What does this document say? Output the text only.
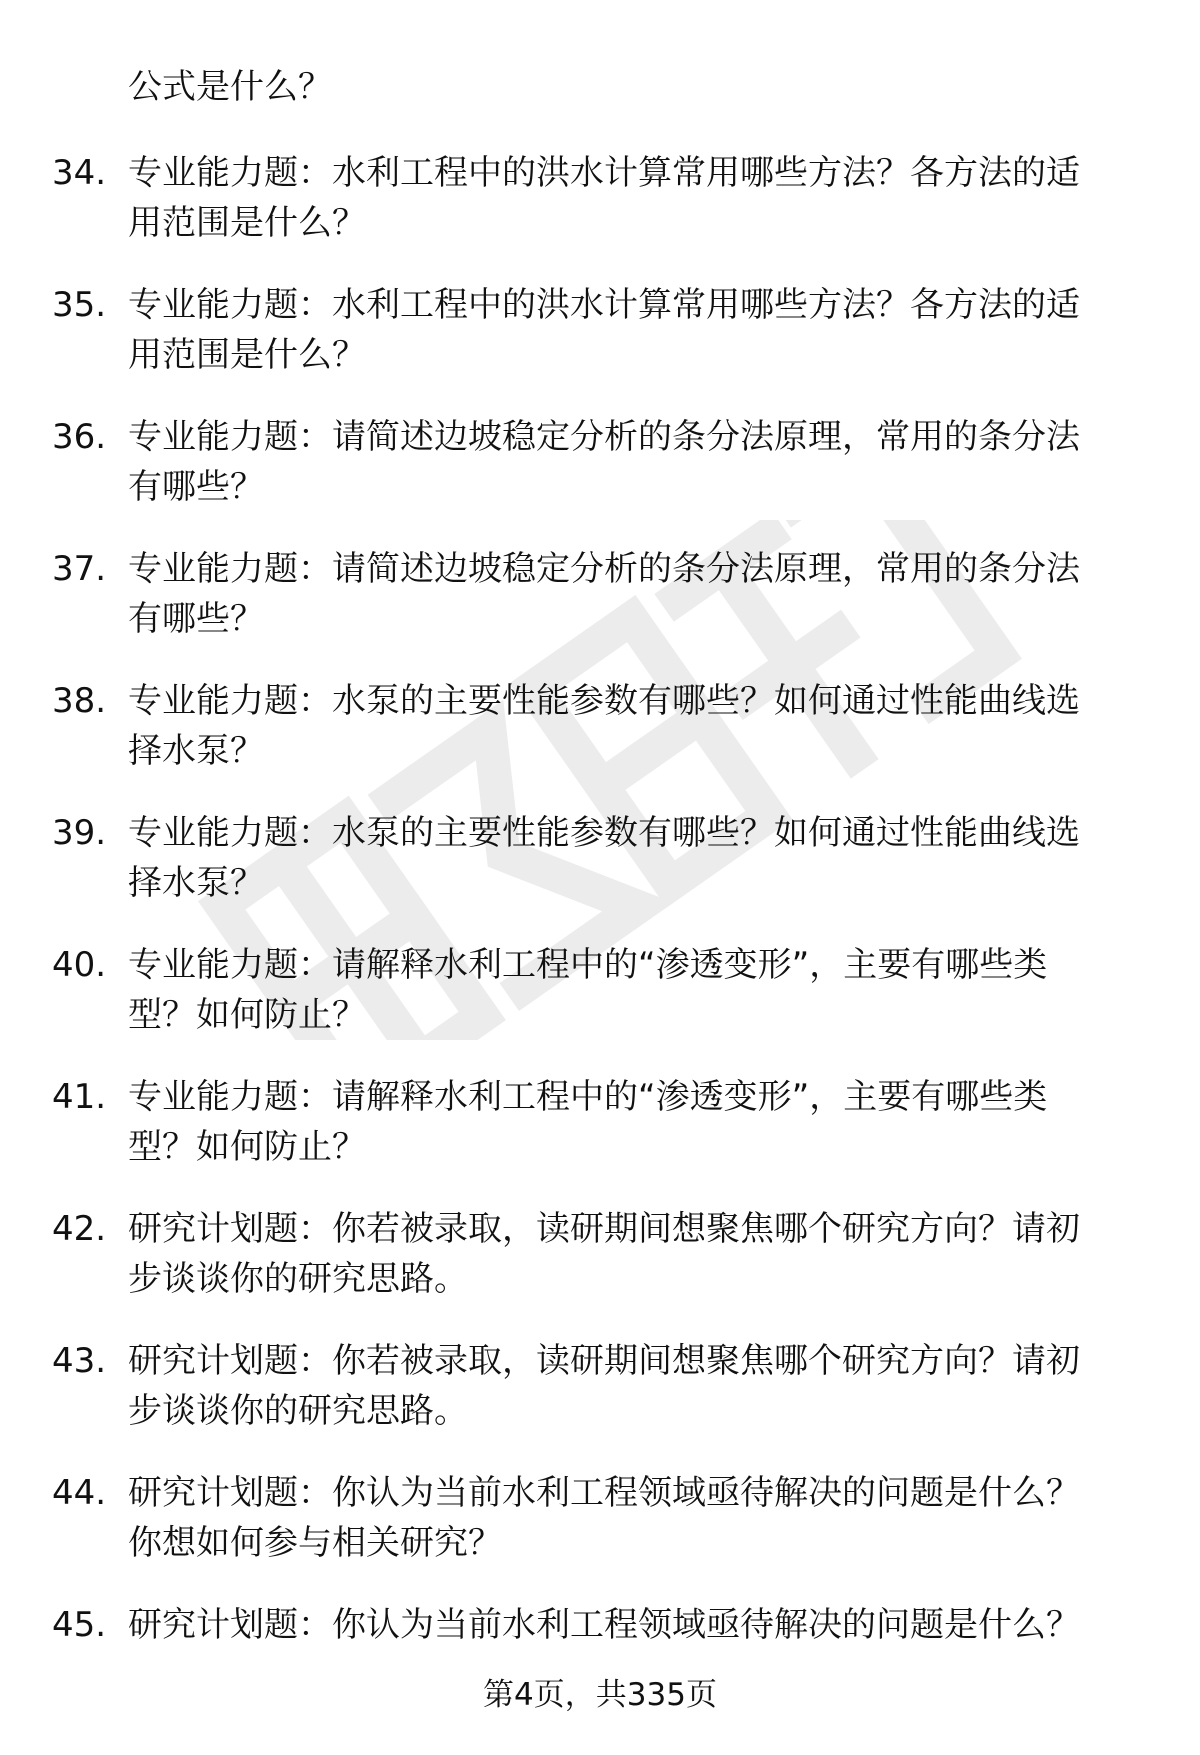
公式是什么？
34. 专业能力题：水利工程中的洪水计算常用哪些方法？各方法的适
用范围是什么？
35. 专业能力题：水利工程中的洪水计算常用哪些方法？各方法的适
用范围是什么？
36. 专业能力题：请简述边坡稳定分析的条分法原理，常用的条分法
有哪些？
37. 专业能力题：请简述边坡稳定分析的条分法原理，常用的条分法
有哪些？
38. 专业能力题：水泵的主要性能参数有哪些？如何通过性能曲线选
择水泵？
39. 专业能力题：水泵的主要性能参数有哪些？如何通过性能曲线选
择水泵？
40. 专业能力题：请解释水利工程中的“渗透变形”，主要有哪些类
型？如何防止？
41. 专业能力题：请解释水利工程中的“渗透变形”，主要有哪些类
型？如何防止？
42. 研究计划题：你若被录取，读研期间想聚焦哪个研究方向？请初
步谈谈你的研究思路。
43. 研究计划题：你若被录取，读研期间想聚焦哪个研究方向？请初
步谈谈你的研究思路。
44. 研究计划题：你认为当前水利工程领域亟待解决的问题是什么？
你想如何参与相关研究？
45. 研究计划题：你认为当前水利工程领域亟待解决的问题是什么？
第4页，共335页
